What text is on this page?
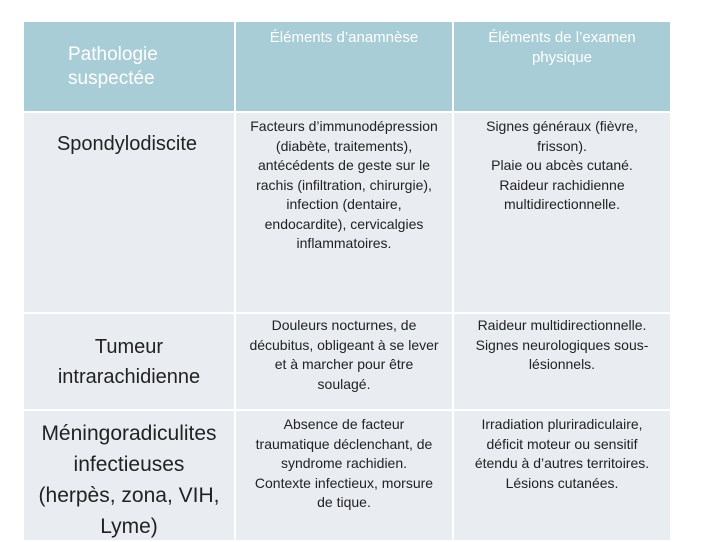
Pathologie
suspectée
Éléments d’anamnèse	Éléments de l’examen
physique
Spondylodiscite
Facteurs d’immunodépression
(diabète, traitements),
antécédents de geste sur le
rachis (infiltration, chirurgie),
infection (dentaire,
endocardite), cervicalgies
inflammatoires.
Signes généraux (fièvre,
frisson).
Plaie ou abcès cutané.
Raideur rachidienne
multidirectionnelle.
Tumeur
intrarachidienne
Douleurs nocturnes, de
décubitus, obligeant à se lever
et à marcher pour être
soulagé.
Raideur multidirectionnelle.
Signes neurologiques sous-
lésionnels.
Méningoradiculites
infectieuses
(herpès, zona, VIH,
Lyme)
Absence de facteur
traumatique déclenchant, de
syndrome rachidien.
Contexte infectieux, morsure
de tique.
Irradiation pluriradiculaire,
déficit moteur ou sensitif
étendu à d’autres territoires.
Lésions cutanées.
